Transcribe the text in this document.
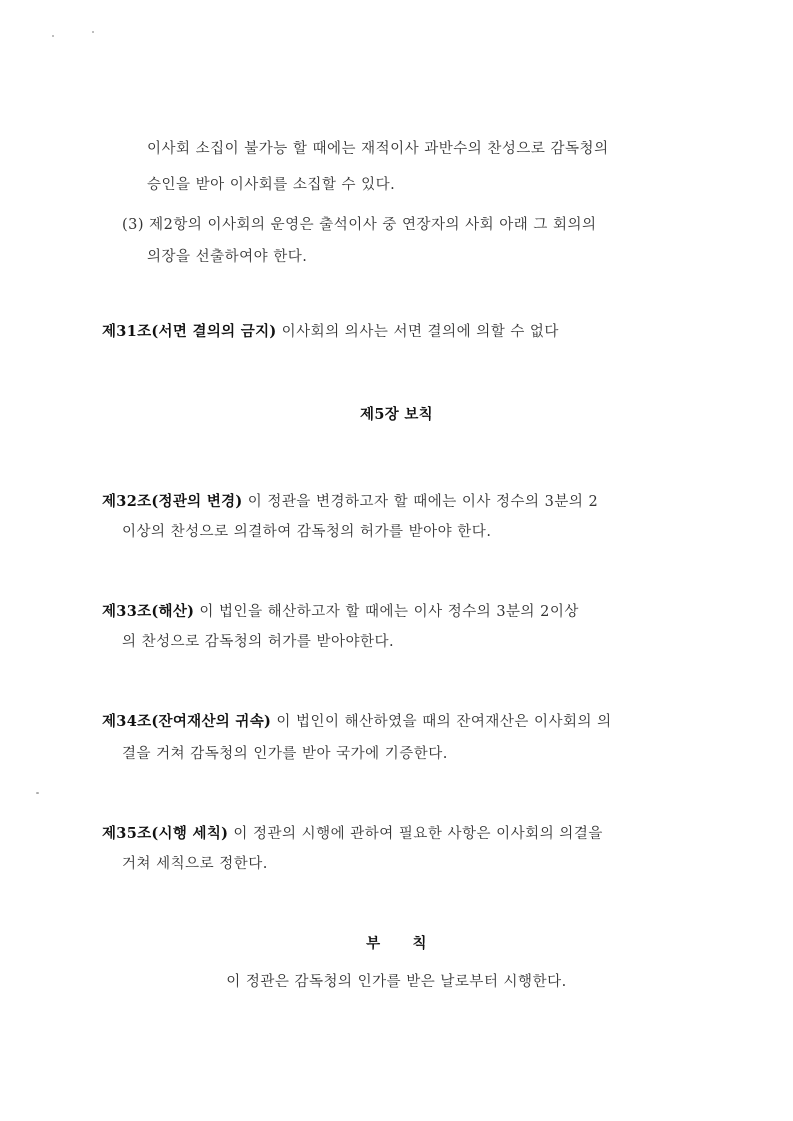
이사회 소집이 불가능 할 때에는 재적이사 과반수의 찬성으로 감독청의
승인을 받아 이사회를 소집할 수 있다.
(3) 제2항의 이사회의 운영은 출석이사 중 연장자의 사회 아래 그 회의의
의장을 선출하여야 한다.
제31조(서면 결의의 금지) 이사회의 의사는 서면 결의에 의할 수 없다
제5장 보칙
제32조(정관의 변경) 이 정관을 변경하고자 할 때에는 이사 정수의 3분의 2
이상의 찬성으로 의결하여 감독청의 허가를 받아야 한다.
제33조(해산) 이 법인을 해산하고자 할 때에는 이사 정수의 3분의 2이상
의 찬성으로 감독청의 허가를 받아야한다.
제34조(잔여재산의 귀속) 이 법인이 해산하였을 때의 잔여재산은 이사회의 의
결을 거쳐 감독청의 인가를 받아 국가에 기증한다.
제35조(시행 세칙) 이 정관의 시행에 관하여 필요한 사항은 이사회의 의결을
거쳐 세칙으로 정한다.
부      칙
이 정관은 감독청의 인가를 받은 날로부터 시행한다.
